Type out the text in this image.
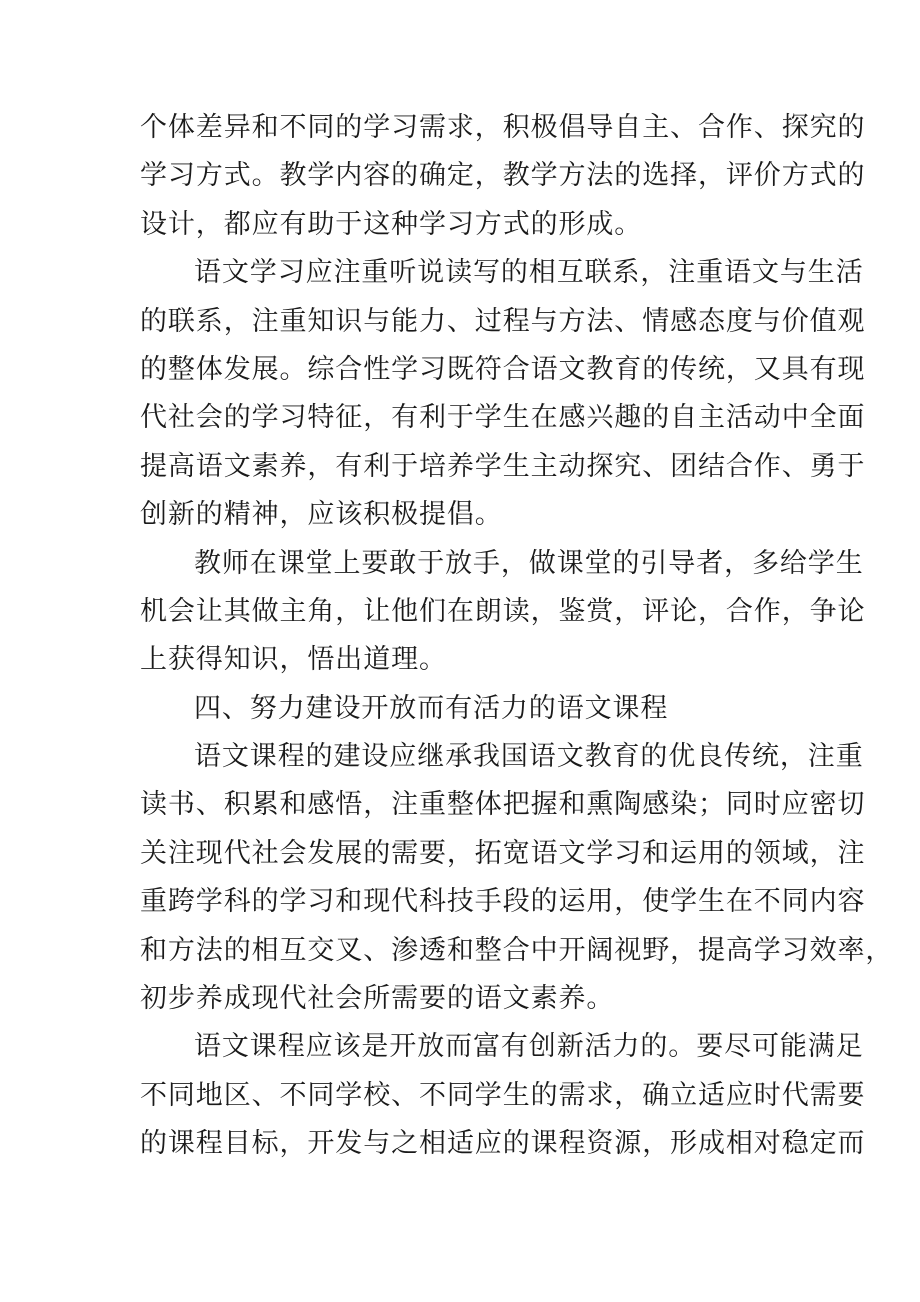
个体差异和不同的学习需求，积极倡导自主、合作、探究的
学习方式。教学内容的确定，教学方法的选择，评价方式的
设计，都应有助于这种学习方式的形成。
语文学习应注重听说读写的相互联系，注重语文与生活
的联系，注重知识与能力、过程与方法、情感态度与价值观
的整体发展。综合性学习既符合语文教育的传统，又具有现
代社会的学习特征，有利于学生在感兴趣的自主活动中全面
提高语文素养，有利于培养学生主动探究、团结合作、勇于
创新的精神，应该积极提倡。
教师在课堂上要敢于放手，做课堂的引导者，多给学生
机会让其做主角，让他们在朗读，鉴赏，评论，合作，争论
上获得知识，悟出道理。
四、努力建设开放而有活力的语文课程
语文课程的建设应继承我国语文教育的优良传统，注重
读书、积累和感悟，注重整体把握和熏陶感染；同时应密切
关注现代社会发展的需要，拓宽语文学习和运用的领域，注
重跨学科的学习和现代科技手段的运用，使学生在不同内容
和方法的相互交叉、渗透和整合中开阔视野，提高学习效率，
初步养成现代社会所需要的语文素养。
语文课程应该是开放而富有创新活力的。要尽可能满足
不同地区、不同学校、不同学生的需求，确立适应时代需要
的课程目标，开发与之相适应的课程资源，形成相对稳定而
